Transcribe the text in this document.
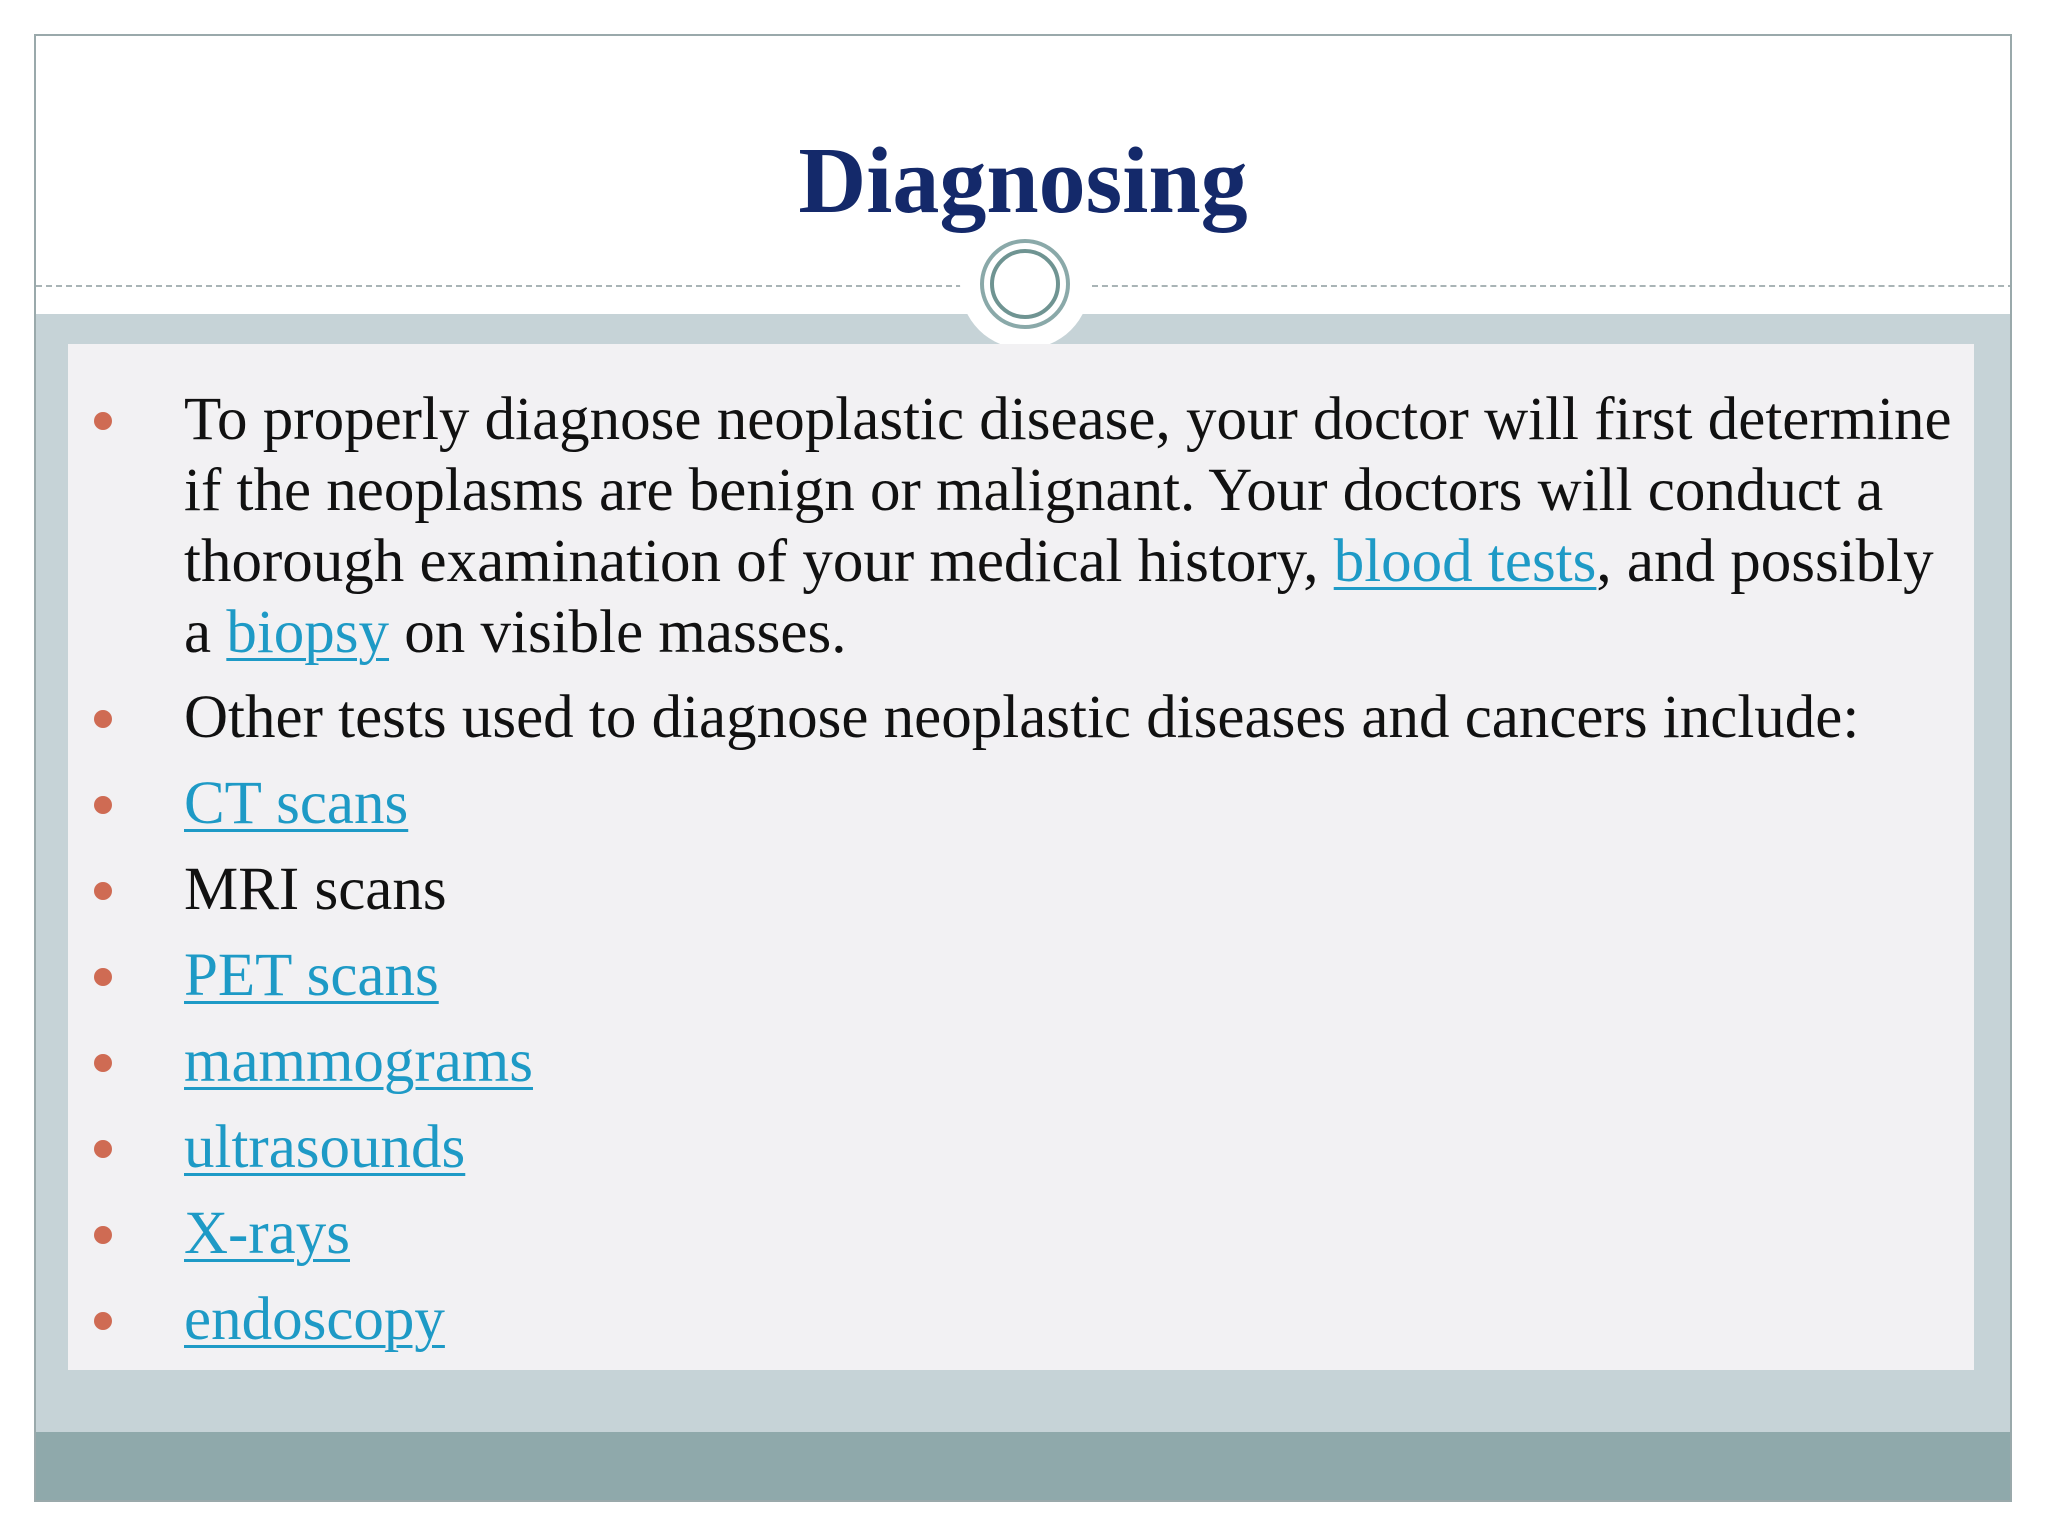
Diagnosing
To properly diagnose neoplastic disease, your doctor will first determine if the neoplasms are benign or malignant. Your doctors will conduct a thorough examination of your medical history, blood tests, and possibly a biopsy on visible masses.
Other tests used to diagnose neoplastic diseases and cancers include:
CT scans
MRI scans
PET scans
mammograms
ultrasounds
X-rays
endoscopy
